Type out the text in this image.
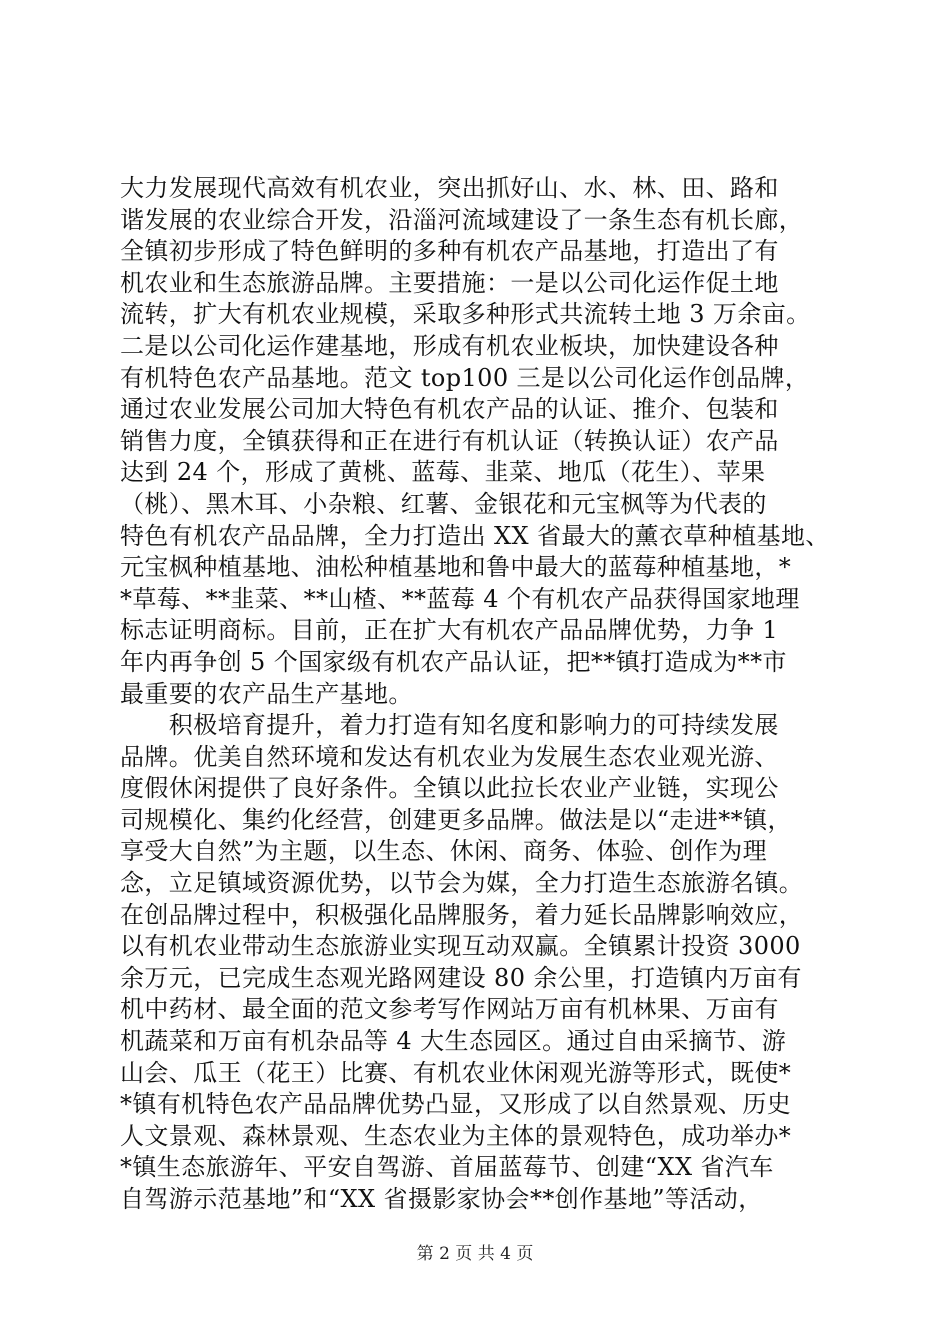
大力发展现代高效有机农业，突出抓好山、水、林、田、路和
谐发展的农业综合开发，沿淄河流域建设了一条生态有机长廊，
全镇初步形成了特色鲜明的多种有机农产品基地，打造出了有
机农业和生态旅游品牌。主要措施：一是以公司化运作促土地
流转，扩大有机农业规模，采取多种形式共流转土地 3 万余亩。
二是以公司化运作建基地，形成有机农业板块，加快建设各种
有机特色农产品基地。范文 top100 三是以公司化运作创品牌，
通过农业发展公司加大特色有机农产品的认证、推介、包装和
销售力度，全镇获得和正在进行有机认证（转换认证）农产品
达到 24 个，形成了黄桃、蓝莓、韭菜、地瓜（花生）、苹果
（桃）、黑木耳、小杂粮、红薯、金银花和元宝枫等为代表的
特色有机农产品品牌，全力打造出 XX 省最大的薰衣草种植基地、
元宝枫种植基地、油松种植基地和鲁中最大的蓝莓种植基地，*
*草莓、**韭菜、**山楂、**蓝莓 4 个有机农产品获得国家地理
标志证明商标。目前，正在扩大有机农产品品牌优势，力争 1
年内再争创 5 个国家级有机农产品认证，把**镇打造成为**市
最重要的农产品生产基地。
　　积极培育提升，着力打造有知名度和影响力的可持续发展
品牌。优美自然环境和发达有机农业为发展生态农业观光游、
度假休闲提供了良好条件。全镇以此拉长农业产业链，实现公
司规模化、集约化经营，创建更多品牌。做法是以“走进**镇，
享受大自然”为主题，以生态、休闲、商务、体验、创作为理
念，立足镇域资源优势，以节会为媒，全力打造生态旅游名镇。
在创品牌过程中，积极强化品牌服务，着力延长品牌影响效应，
以有机农业带动生态旅游业实现互动双赢。全镇累计投资 3000
余万元，已完成生态观光路网建设 80 余公里，打造镇内万亩有
机中药材、最全面的范文参考写作网站万亩有机林果、万亩有
机蔬菜和万亩有机杂品等 4 大生态园区。通过自由采摘节、游
山会、瓜王（花王）比赛、有机农业休闲观光游等形式，既使*
*镇有机特色农产品品牌优势凸显，又形成了以自然景观、历史
人文景观、森林景观、生态农业为主体的景观特色，成功举办*
*镇生态旅游年、平安自驾游、首届蓝莓节、创建“XX 省汽车
自驾游示范基地”和“XX 省摄影家协会**创作基地”等活动，
第 2 页 共 4 页
